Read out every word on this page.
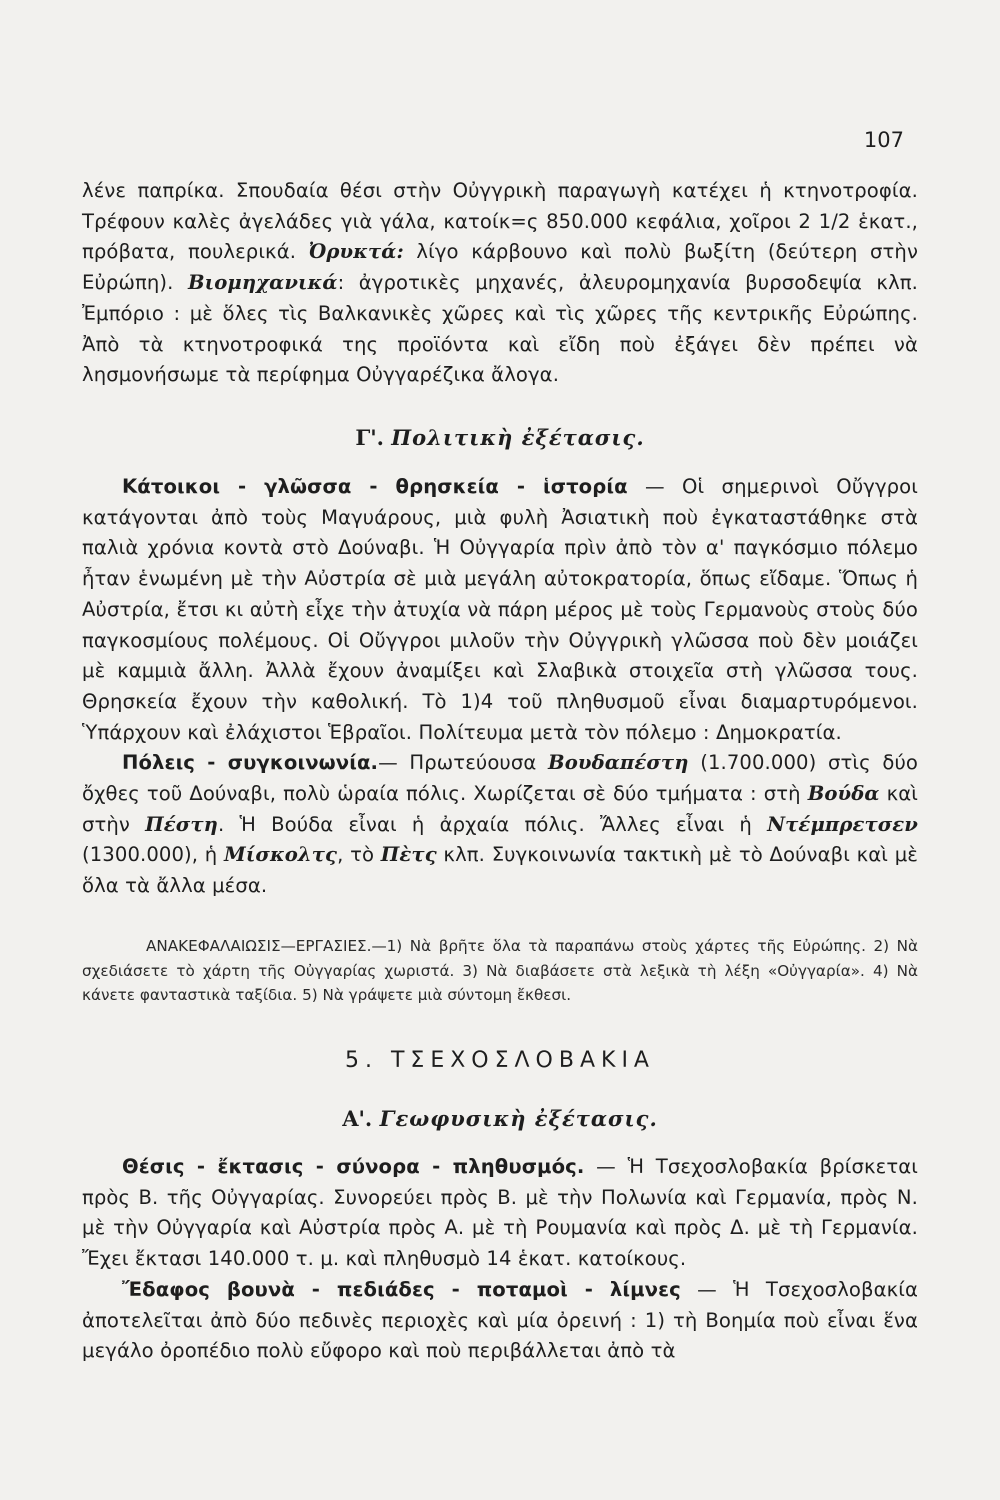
107

λένε παπρίκα. Σπουδαία θέσι στὴν Οὐγγρικὴ παραγωγὴ κατέχει ἡ κτηνοτροφία. Τρέφουν καλὲς ἀγελάδες γιὰ γάλα, κατοίκ=ς 850.000 κεφάλια, χοῖροι 2 1/2 ἑκατ., πρόβατα, πουλερικά. Ὀρυκτά: λίγο κάρβουνο καὶ πολὺ βωξίτη (δεύτερη στὴν Εὐρώπη). Βιομηχανικά: ἀγροτικὲς μηχανές, ἀλευρομηχανία βυρσοδεψία κλπ. Ἐμπόριο : μὲ ὅλες τὶς Βαλκανικὲς χῶρες καὶ τὶς χῶρες τῆς κεντρικῆς Εὐρώπης. Ἀπὸ τὰ κτηνοτροφικά της προϊόντα καὶ εἴδη ποὺ ἐξάγει δὲν πρέπει νὰ λησμονήσωμε τὰ περίφημα Οὐγγαρέζικα ἄλογα.

Γ'. Πολιτικὴ ἐξέτασις.

Κάτοικοι - γλῶσσα - θρησκεία - ἱστορία — Οἱ σημερινοὶ Οὔγγροι κατάγονται ἀπὸ τοὺς Μαγυάρους, μιὰ φυλὴ Ἀσιατικὴ ποὺ ἐγκαταστάθηκε στὰ παλιὰ χρόνια κοντὰ στὸ Δούναβι. Ἡ Οὐγγαρία πρὶν ἀπὸ τὸν α' παγκόσμιο πόλεμο ἦταν ἑνωμένη μὲ τὴν Αὐστρία σὲ μιὰ μεγάλη αὐτοκρατορία, ὅπως εἴδαμε. Ὅπως ἡ Αὐστρία, ἔτσι κι αὐτὴ εἶχε τὴν ἀτυχία νὰ πάρη μέρος μὲ τοὺς Γερμανοὺς στοὺς δύο παγκοσμίους πολέμους. Οἱ Οὔγγροι μιλοῦν τὴν Οὐγγρικὴ γλῶσσα ποὺ δὲν μοιάζει μὲ καμμιὰ ἄλλη. Ἀλλὰ ἔχουν ἀναμίξει καὶ Σλαβικὰ στοιχεῖα στὴ γλῶσσα τους. Θρησκεία ἔχουν τὴν καθολική. Τὸ 1)4 τοῦ πληθυσμοῦ εἶναι διαμαρτυρόμενοι. Ὑπάρχουν καὶ ἐλάχιστοι Ἑβραῖοι. Πολίτευμα μετὰ τὸν πόλεμο : Δημοκρατία.

Πόλεις - συγκοινωνία.— Πρωτεύουσα Βουδαπέστη (1.700.000) στὶς δύο ὄχθες τοῦ Δούναβι, πολὺ ὡραία πόλις. Χωρίζεται σὲ δύο τμήματα : στὴ Βούδα καὶ στὴν Πέστη. Ἡ Βούδα εἶναι ἡ ἀρχαία πόλις. Ἄλλες εἶναι ἡ Ντέμπρετσεν (1300.000), ἡ Μίσκολτς, τὸ Πὲτς κλπ. Συγκοινωνία τακτικὴ μὲ τὸ Δούναβι καὶ μὲ ὅλα τὰ ἄλλα μέσα.

ΑΝΑΚΕΦΑΛΑΙΩΣΙΣ—ΕΡΓΑΣΙΕΣ.—1) Νὰ βρῆτε ὅλα τὰ παραπάνω στοὺς χάρτες τῆς Εὐρώπης. 2) Νὰ σχεδιάσετε τὸ χάρτη τῆς Οὐγγαρίας χωριστά. 3) Νὰ διαβάσετε στὰ λεξικὰ τὴ λέξη «Οὐγγαρία». 4) Νὰ κάνετε φανταστικὰ ταξίδια. 5) Νὰ γράψετε μιὰ σύντομη ἔκθεσι.

5. ΤΣΕΧΟΣΛΟΒΑΚΙΑ
Α'. Γεωφυσικὴ ἐξέτασις.

Θέσις - ἔκτασις - σύνορα - πληθυσμός. — Ἡ Τσεχοσλοβακία βρίσκεται πρὸς Β. τῆς Οὐγγαρίας. Συνορεύει πρὸς Β. μὲ τὴν Πολωνία καὶ Γερμανία, πρὸς Ν. μὲ τὴν Οὐγγαρία καὶ Αὐστρία πρὸς Α. μὲ τὴ Ρουμανία καὶ πρὸς Δ. μὲ τὴ Γερμανία. Ἔχει ἔκτασι 140.000 τ. μ. καὶ πληθυσμὸ 14 ἑκατ. κατοίκους.

Ἔδαφος βουνὰ - πεδιάδες - ποταμοὶ - λίμνες — Ἡ Τσεχοσλοβακία ἀποτελεῖται ἀπὸ δύο πεδινὲς περιοχὲς καὶ μία ὀρεινή : 1) τὴ Βοημία ποὺ εἶναι ἕνα μεγάλο ὀροπέδιο πολὺ εὔφορο καὶ ποὺ περιβάλλεται ἀπὸ τὰ
